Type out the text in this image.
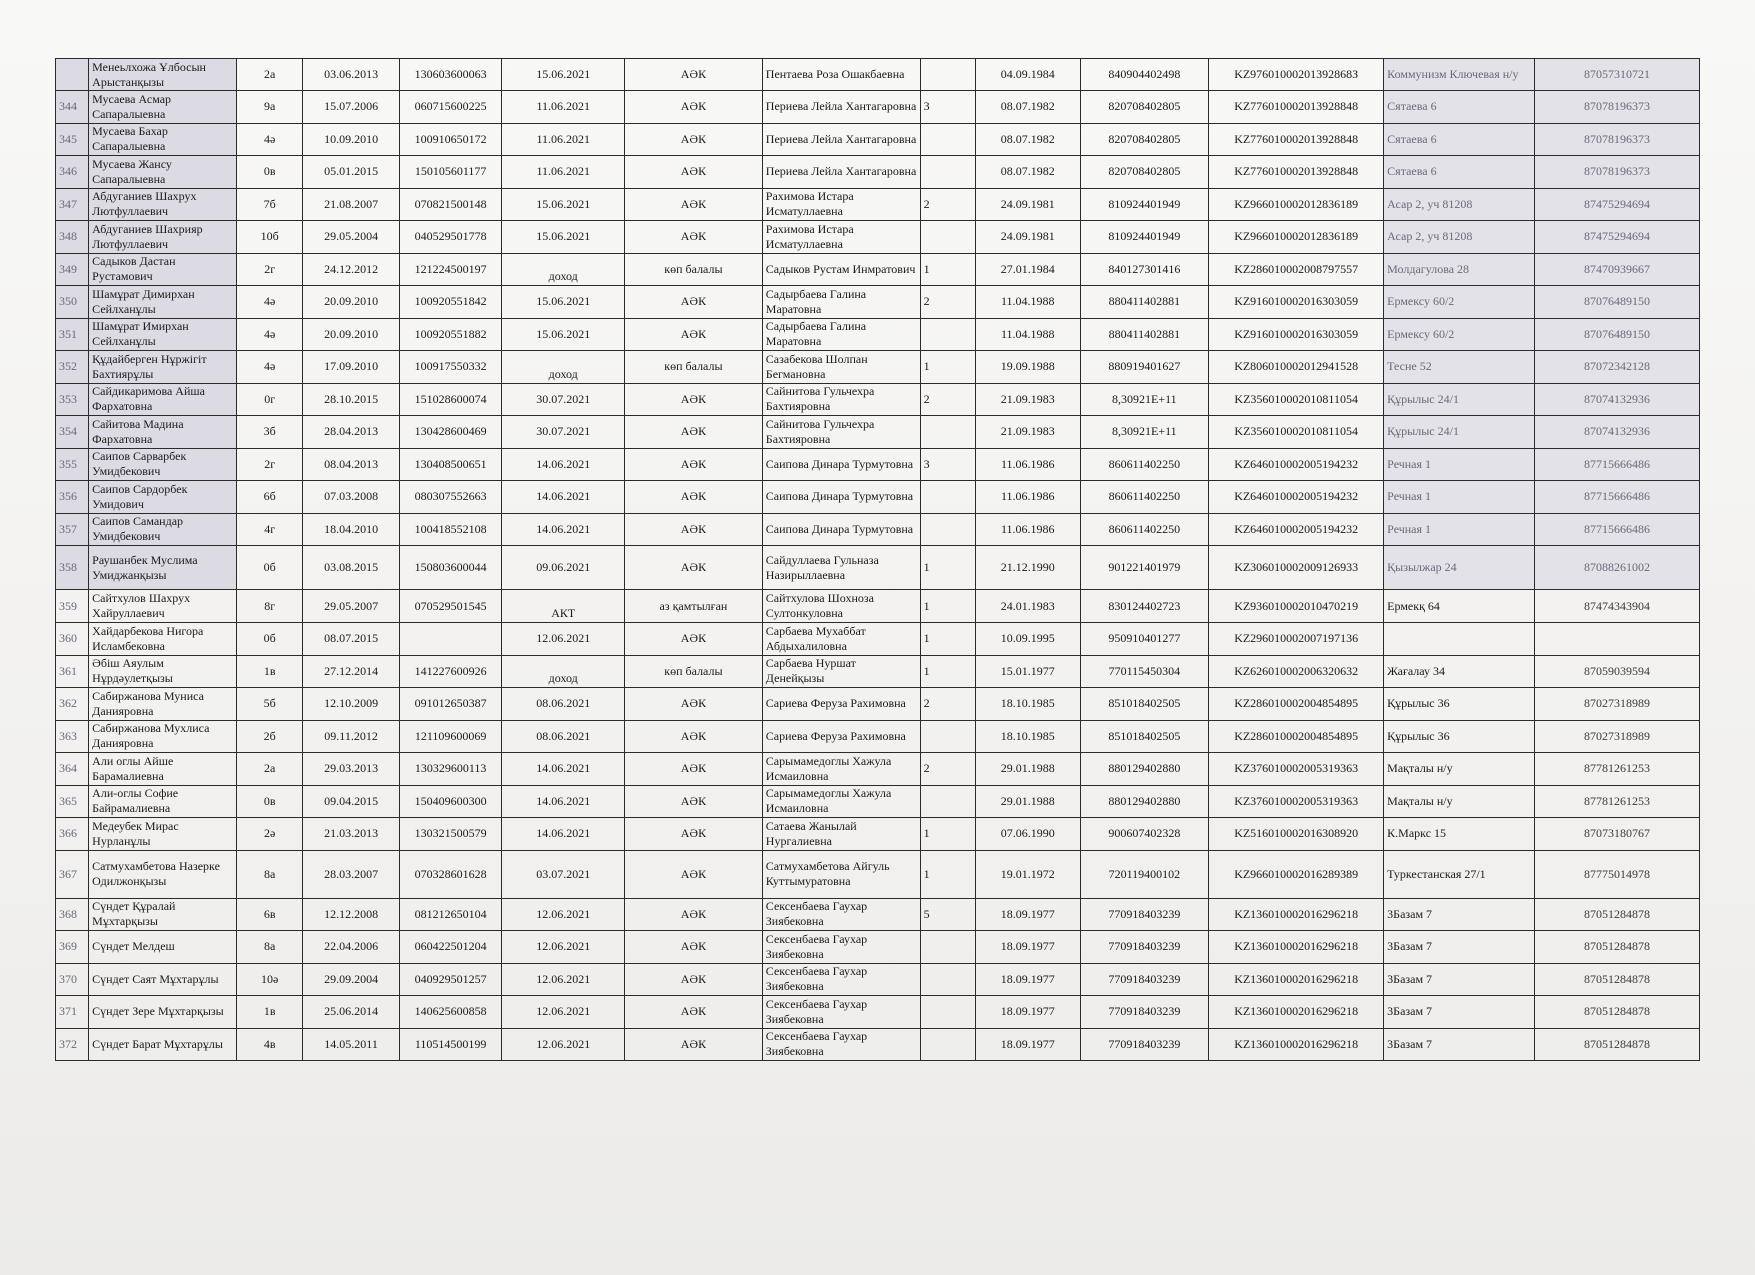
	Менеьлхожа Ұлбосын Арыстанқызы	2а	03.06.2013	130603600063	15.06.2021	АӘК	Пентаева Роза Ошакбаевна		04.09.1984	840904402498	KZ97601000201392868З	Коммунизм Ключевая н/у	87057310721
344	Мусаева Асмар Сапаралыевна	9а	15.07.2006	060715600225	11.06.2021	АӘК	Периева Лейла Хантагаровна	3	08.07.1982	820708402805	KZ776010002013928848	Сятаева 6	87078196373
345	Мусаева Бахар Сапаралыевна	4ә	10.09.2010	100910650172	11.06.2021	АӘК	Периева Лейла Хантагаровна		08.07.1982	820708402805	KZ776010002013928848	Сятаева 6	87078196373
346	Мусаева Жансу Сапаралыевна	0в	05.01.2015	150105601177	11.06.2021	АӘК	Периева Лейла Хантагаровна		08.07.1982	820708402805	KZ776010002013928848	Сятаева 6	87078196373
347	Абдуганиев Шахрух Лютфуллаевич	7б	21.08.2007	070821500148	15.06.2021	АӘК	Рахимова Истара Исматуллаевна	2	24.09.1981	810924401949	KZ966010002012836189	Асар 2, уч 81208	87475294694
348	Абдуганиев Шахрияр Лютфуллаевич	10б	29.05.2004	040529501778	15.06.2021	АӘК	Рахимова Истара Исматуллаевна		24.09.1981	810924401949	KZ966010002012836189	Асар 2, уч 81208	87475294694
349	Садыков Дастан Рустамович	2г	24.12.2012	121224500197	доход	көп балалы	Садыков Рустам Инмратович	1	27.01.1984	840127301416	KZ286010002008797557	Молдагулова 28	87470939667
350	Шамұрат Димирхан Сейлханұлы	4ә	20.09.2010	100920551842	15.06.2021	АӘК	Садырбаева Галина Маратовна	2	11.04.1988	880411402881	KZ916010002016303059	Ермексу 60/2	87076489150
351	Шамұрат Имирхан Сейлханұлы	4ә	20.09.2010	100920551882	15.06.2021	АӘК	Садырбаева Галина Маратовна		11.04.1988	880411402881	KZ916010002016303059	Ермексу 60/2	87076489150
352	Құдайберген Нұржігіт Бахтиярұлы	4ә	17.09.2010	100917550332	доход	көп балалы	Сазабекова Шолпан Бегмановна	1	19.09.1988	880919401627	KZ806010002012941528	Тесне 52	87072342128
353	Сайдикаримова Айша Фархатовна	0г	28.10.2015	151028600074	30.07.2021	АӘК	Сайнитова Гульчехра Бахтияровна	2	21.09.1983	8,30921E+11	KZ356010002010811054	Құрылыс 24/1	87074132936
354	Сайитова Мадина Фархатовна	3б	28.04.2013	130428600469	30.07.2021	АӘК	Сайнитова Гульчехра Бахтияровна		21.09.1983	8,30921E+11	KZ356010002010811054	Құрылыс 24/1	87074132936
355	Саипов Сарварбек Умидбекович	2г	08.04.2013	130408500651	14.06.2021	АӘК	Саипова Динара Турмутовна	3	11.06.1986	860611402250	KZ646010002005194232	Речная 1	87715666486
356	Саипов Сардорбек Умидович	6б	07.03.2008	080307552663	14.06.2021	АӘК	Саипова Динара Турмутовна		11.06.1986	860611402250	KZ646010002005194232	Речная 1	87715666486
357	Саипов Самандар Умидбекович	4г	18.04.2010	100418552108	14.06.2021	АӘК	Саипова Динара Турмутовна		11.06.1986	860611402250	KZ646010002005194232	Речная 1	87715666486
358	Раушанбек Муслима Умиджанқызы	0б	03.08.2015	150803600044	09.06.2021	АӘК	Сайдуллаева Гульназа Назирыллаевна	1	21.12.1990	901221401979	KZ306010002009126933	Қызылжар 24	87088261002
359	Сайтхулов Шахрух Хайруллаевич	8г	29.05.2007	070529501545	АКТ	аз қамтылған	Сайтхулова Шохноза Султонкуловна	1	24.01.1983	830124402723	KZ936010002010470219	Ермекқ 64	87474343904
360	Хайдарбекова Нигора Исламбековна	0б	08.07.2015		12.06.2021	АӘК	Сарбаева Мухаббат Абдыхалиловна	1	10.09.1995	950910401277	KZ296010002007197136		
361	Әбіш Аяулым Нұрдәулетқызы	1в	27.12.2014	141227600926	доход	көп балалы	Сарбаева Нуршат Денейқызы	1	15.01.1977	770115450304	KZ626010002006320632	Жағалау 34	87059039594
362	Сабиржанова Муниса Данияровна	5б	12.10.2009	091012650387	08.06.2021	АӘК	Сариева Феруза Рахимовна	2	18.10.1985	851018402505	KZ286010002004854895	Құрылыс 36	87027318989
363	Сабиржанова Мухлиса Данияровна	2б	09.11.2012	121109600069	08.06.2021	АӘК	Сариева Феруза Рахимовна		18.10.1985	851018402505	KZ286010002004854895	Құрылыс 36	87027318989
364	Али оглы Айше Барамалиевна	2а	29.03.2013	130329600113	14.06.2021	АӘК	Сарымамедоглы Хажула Исмаиловна	2	29.01.1988	880129402880	KZ376010002005319363	Мақталы н/у	87781261253
365	Али-оглы Софие Байрамалиевна	0в	09.04.2015	150409600300	14.06.2021	АӘК	Сарымамедоглы Хажула Исмаиловна		29.01.1988	880129402880	KZ376010002005319363	Мақталы н/у	87781261253
366	Медеубек Мирас Нурланұлы	2ә	21.03.2013	130321500579	14.06.2021	АӘК	Сатаева Жаныл​ай Нургалиевна	1	07.06.1990	900607402328	KZ516010002016308920	К.Маркс 15	87073180767
367	Сатмухамбетова Назерке Одилжонқызы	8а	28.03.2007	070328601628	03.07.2021	АӘК	Сатмухамбетова Айгуль Куттымуратовна	1	19.01.1972	720119400102	KZ966010002016289389	Туркестанская 27/1	87775014978
368	Сүндет Құралай Мұхтарқызы	6в	12.12.2008	081212650104	12.06.2021	АӘК	Сексенбаева Гаухар Зиябековна	5	18.09.1977	770918403239	KZ136010002016296218	3Базам 7	87051284878
369	Сүндет Мелдеш	8а	22.04.2006	060422501204	12.06.2021	АӘК	Сексенбаева Гаухар Зиябековна		18.09.1977	770918403239	KZ136010002016296218	3Базам 7	87051284878
370	Сүндет Саят Мұхтарұлы	10ә	29.09.2004	040929501257	12.06.2021	АӘК	Сексенбаева Гаухар Зиябековна		18.09.1977	770918403239	KZ136010002016296218	3Базам 7	87051284878
371	Сүндет Зере Мұхтарқызы	1в	25.06.2014	140625600858	12.06.2021	АӘК	Сексенбаева Гаухар Зиябековна		18.09.1977	770918403239	KZ136010002016296218	3Базам 7	87051284878
372	Сүндет Барат Мұхтарұлы	4в	14.05.2011	110514500199	12.06.2021	АӘК	Сексенбаева Гаухар Зиябековна		18.09.1977	770918403239	KZ136010002016296218	3Базам 7	87051284878
